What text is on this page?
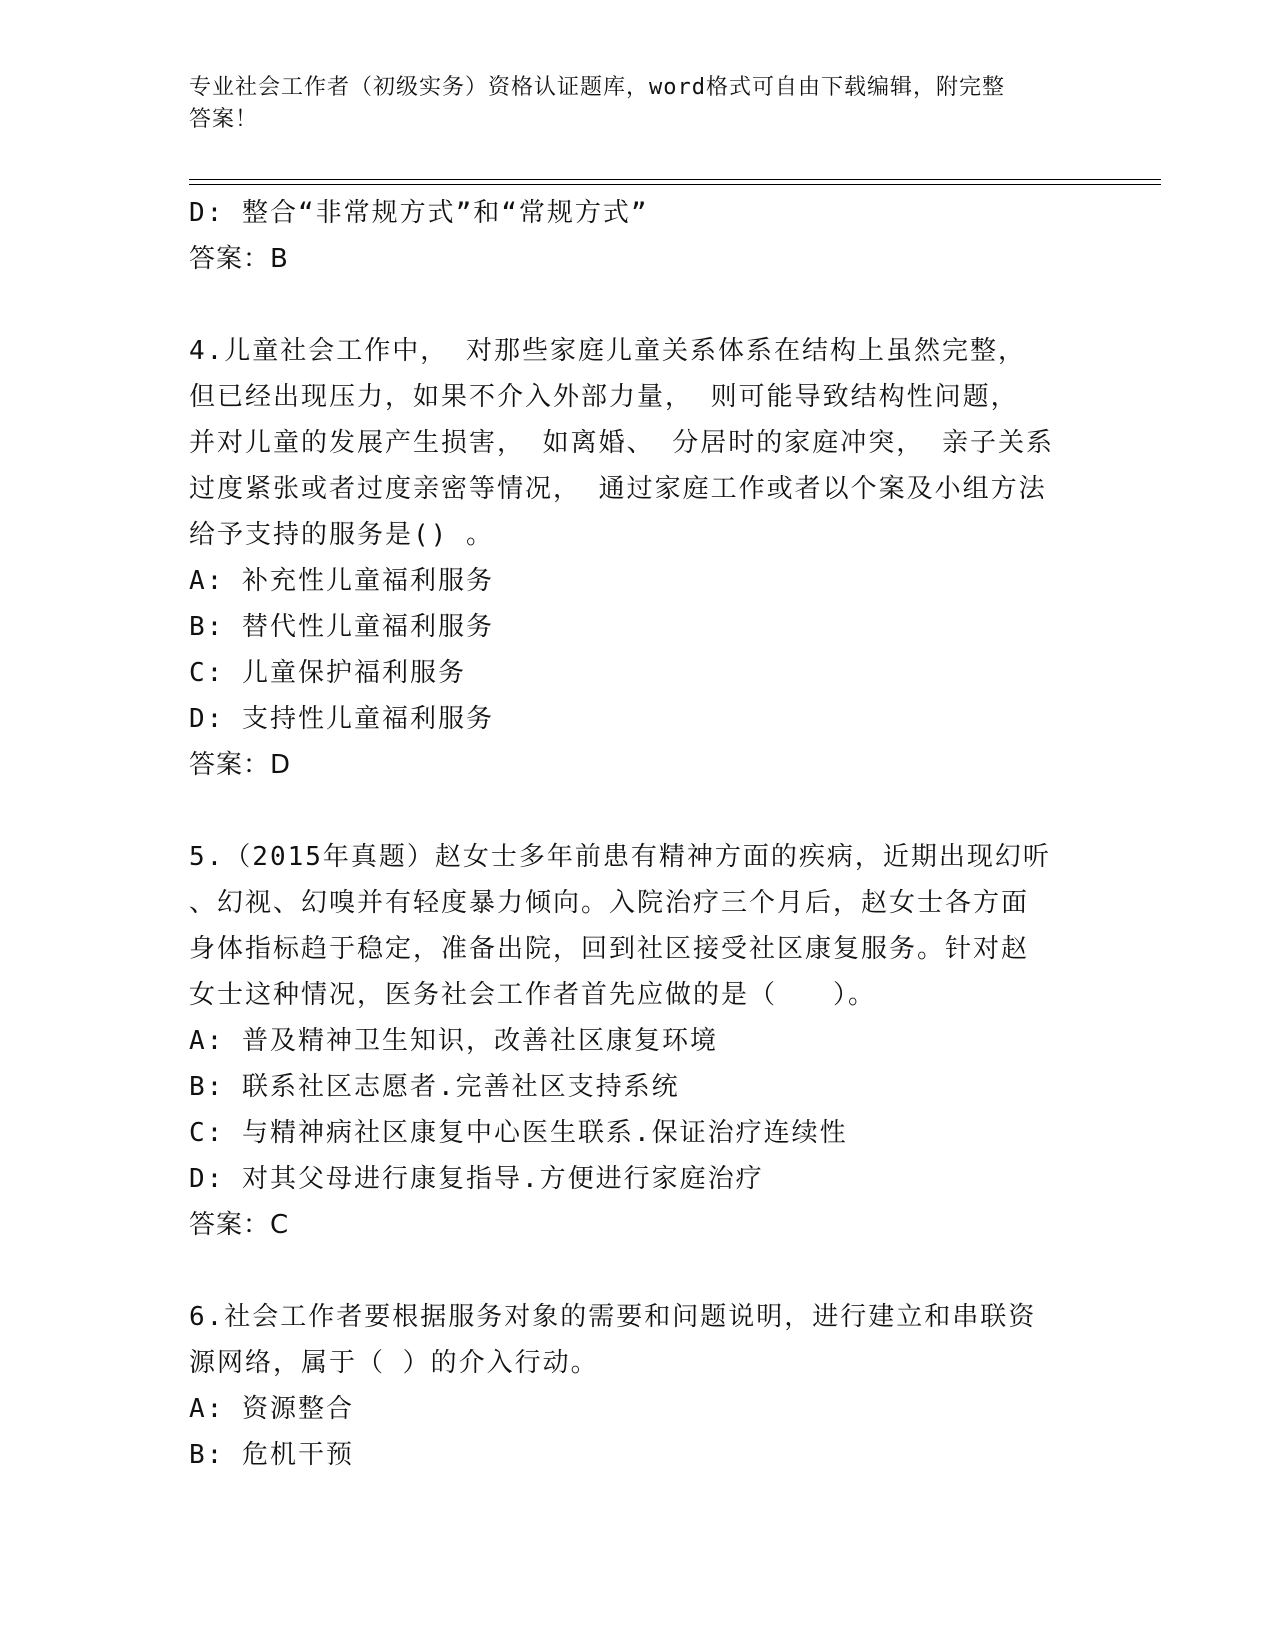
专业社会工作者（初级实务）资格认证题库，word格式可自由下载编辑，附完整
答案！
D: 整合“非常规方式”和“常规方式”
答案：B
4.儿童社会工作中， 对那些家庭儿童关系体系在结构上虽然完整，
但已经出现压力，如果不介入外部力量， 则可能导致结构性问题，
并对儿童的发展产生损害， 如离婚、 分居时的家庭冲突， 亲子关系
过度紧张或者过度亲密等情况， 通过家庭工作或者以个案及小组方法
给予支持的服务是() 。
A: 补充性儿童福利服务
B: 替代性儿童福利服务
C: 儿童保护福利服务
D: 支持性儿童福利服务
答案：D
5.（2015年真题）赵女士多年前患有精神方面的疾病，近期出现幻听
、幻视、幻嗅并有轻度暴力倾向。入院治疗三个月后，赵女士各方面
身体指标趋于稳定，准备出院，回到社区接受社区康复服务。针对赵
女士这种情况，医务社会工作者首先应做的是（　　）。
A: 普及精神卫生知识，改善社区康复环境
B: 联系社区志愿者.完善社区支持系统
C: 与精神病社区康复中心医生联系.保证治疗连续性
D: 对其父母进行康复指导.方便进行家庭治疗
答案：C
6.社会工作者要根据服务对象的需要和问题说明，进行建立和串联资
源网络，属于（ ）的介入行动。
A: 资源整合
B: 危机干预
